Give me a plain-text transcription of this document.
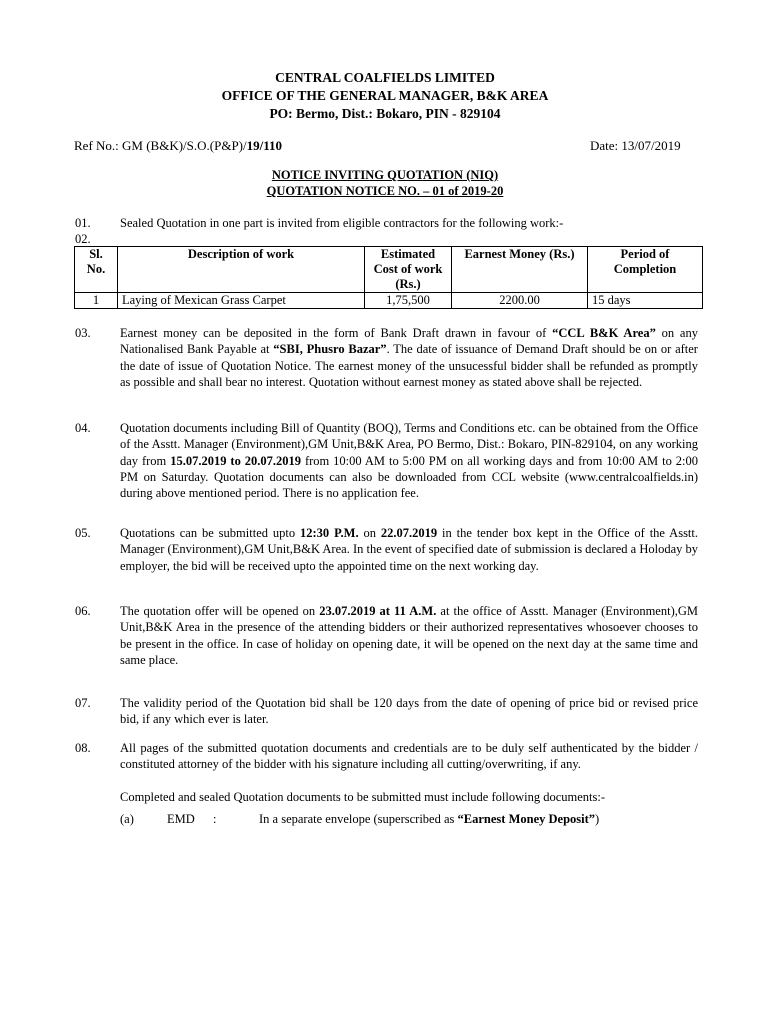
CENTRAL COALFIELDS LIMITED
OFFICE OF THE GENERAL MANAGER, B&K AREA
PO: Bermo, Dist.: Bokaro, PIN - 829104
Ref No.: GM (B&K)/S.O.(P&P)/19/110	Date: 13/07/2019
NOTICE INVITING QUOTATION (NIQ)
QUOTATION NOTICE NO. – 01 of 2019-20
01. Sealed Quotation in one part is invited from eligible contractors for the following work:-
02.
Sl. No.	Description of work	Estimated Cost of work (Rs.)	Earnest Money (Rs.)	Period of Completion
1	Laying of Mexican Grass Carpet	1,75,500	2200.00	15 days
03. Earnest money can be deposited in the form of Bank Draft drawn in favour of “CCL B&K Area” on any Nationalised Bank Payable at “SBI, Phusro Bazar”. The date of issuance of Demand Draft should be on or after the date of issue of Quotation Notice. The earnest money of the unsucessful bidder shall be refunded as promptly as possible and shall bear no interest. Quotation without earnest money as stated above shall be rejected.
04. Quotation documents including Bill of Quantity (BOQ), Terms and Conditions etc. can be obtained from the Office of the Asstt. Manager (Environment),GM Unit,B&K Area, PO Bermo, Dist.: Bokaro, PIN-829104, on any working day from 15.07.2019 to 20.07.2019 from 10:00 AM to 5:00 PM on all working days and from 10:00 AM to 2:00 PM on Saturday. Quotation documents can also be downloaded from CCL website (www.centralcoalfields.in) during above mentioned period. There is no application fee.
05. Quotations can be submitted upto 12:30 P.M. on 22.07.2019 in the tender box kept in the Office of the Asstt. Manager (Environment),GM Unit,B&K Area. In the event of specified date of submission is declared a Holoday by employer, the bid will be received upto the appointed time on the next working day.
06. The quotation offer will be opened on 23.07.2019 at 11 A.M. at the office of Asstt. Manager (Environment),GM Unit,B&K Area in the presence of the attending bidders or their authorized representatives whosoever chooses to be present in the office. In case of holiday on opening date, it will be opened on the next day at the same time and same place.
07. The validity period of the Quotation bid shall be 120 days from the date of opening of price bid or revised price bid, if any which ever is later.
08. All pages of the submitted quotation documents and credentials are to be duly self authenticated by the bidder / constituted attorney of the bidder with his signature including all cutting/overwriting, if any.
Completed and sealed Quotation documents to be submitted must include following documents:-
(a)	EMD :	In a separate envelope (superscribed as “Earnest Money Deposit”)
